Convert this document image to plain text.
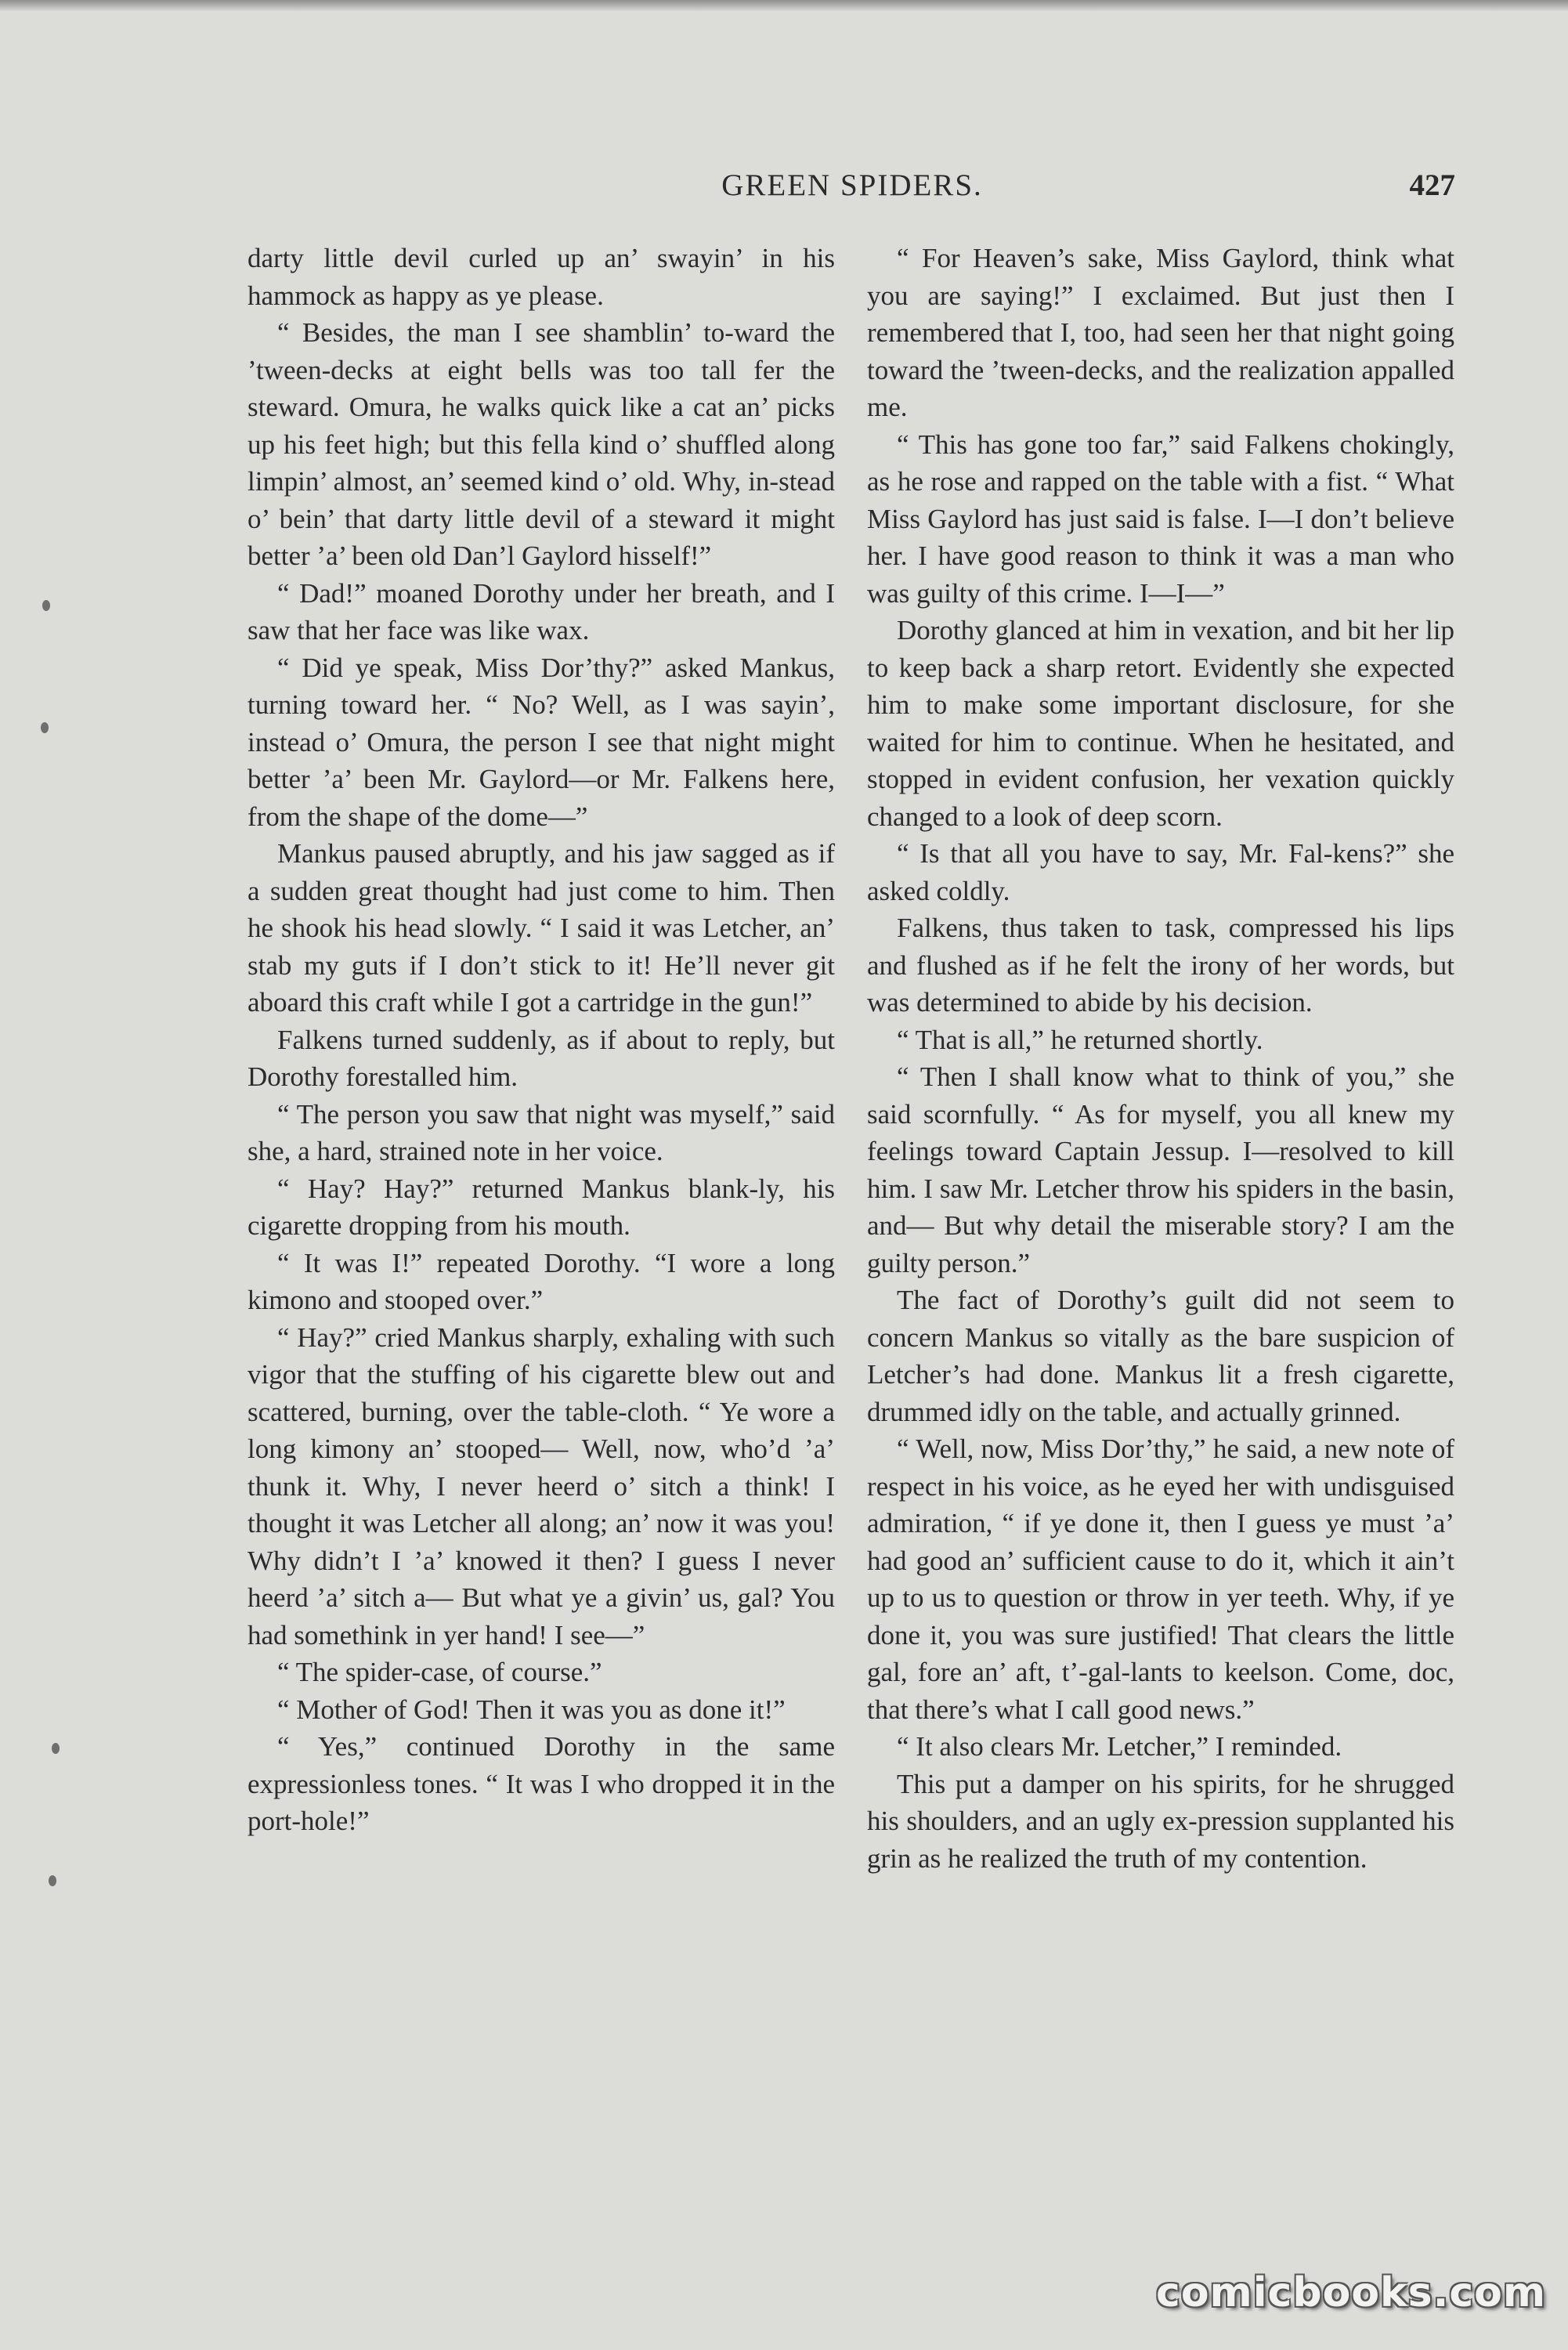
GREEN SPIDERS.	427

darty little devil curled up an’ swayin’ in his hammock as happy as ye please.

“ Besides, the man I see shamblin’ to-ward the ’tween-decks at eight bells was too tall fer the steward. Omura, he walks quick like a cat an’ picks up his feet high; but this fella kind o’ shuffled along limpin’ almost, an’ seemed kind o’ old. Why, in-stead o’ bein’ that darty little devil of a steward it might better ’a’ been old Dan’l Gaylord hisself!”

“ Dad!” moaned Dorothy under her breath, and I saw that her face was like wax.

“ Did ye speak, Miss Dor’thy?” asked Mankus, turning toward her. “ No? Well, as I was sayin’, instead o’ Omura, the person I see that night might better ’a’ been Mr. Gaylord—or Mr. Falkens here, from the shape of the dome—”

Mankus paused abruptly, and his jaw sagged as if a sudden great thought had just come to him. Then he shook his head slowly. “ I said it was Letcher, an’ stab my guts if I don’t stick to it! He’ll never git aboard this craft while I got a cartridge in the gun!”

Falkens turned suddenly, as if about to reply, but Dorothy forestalled him.

“ The person you saw that night was myself,” said she, a hard, strained note in her voice.

“ Hay? Hay?” returned Mankus blank-ly, his cigarette dropping from his mouth.

“ It was I!” repeated Dorothy. “I wore a long kimono and stooped over.”

“ Hay?” cried Mankus sharply, exhaling with such vigor that the stuffing of his cigarette blew out and scattered, burning, over the table-cloth. “ Ye wore a long kimony an’ stooped— Well, now, who’d ’a’ thunk it. Why, I never heerd o’ sitch a think! I thought it was Letcher all along; an’ now it was you! Why didn’t I ’a’ knowed it then? I guess I never heerd ’a’ sitch a— But what ye a givin’ us, gal? You had somethink in yer hand! I see—”

“ The spider-case, of course.”

“ Mother of God! Then it was you as done it!”

“ Yes,” continued Dorothy in the same expressionless tones. “ It was I who dropped it in the port-hole!”

“ For Heaven’s sake, Miss Gaylord, think what you are saying!” I exclaimed. But just then I remembered that I, too, had seen her that night going toward the ’tween-decks, and the realization appalled me.

“ This has gone too far,” said Falkens chokingly, as he rose and rapped on the table with a fist. “ What Miss Gaylord has just said is false. I—I don’t believe her. I have good reason to think it was a man who was guilty of this crime. I—I—”

Dorothy glanced at him in vexation, and bit her lip to keep back a sharp retort. Evidently she expected him to make some important disclosure, for she waited for him to continue. When he hesitated, and stopped in evident confusion, her vexation quickly changed to a look of deep scorn.

“ Is that all you have to say, Mr. Fal-kens?” she asked coldly.

Falkens, thus taken to task, compressed his lips and flushed as if he felt the irony of her words, but was determined to abide by his decision.

“ That is all,” he returned shortly.

“ Then I shall know what to think of you,” she said scornfully. “ As for myself, you all knew my feelings toward Captain Jessup. I—resolved to kill him. I saw Mr. Letcher throw his spiders in the basin, and— But why detail the miserable story? I am the guilty person.”

The fact of Dorothy’s guilt did not seem to concern Mankus so vitally as the bare suspicion of Letcher’s had done. Mankus lit a fresh cigarette, drummed idly on the table, and actually grinned.

“ Well, now, Miss Dor’thy,” he said, a new note of respect in his voice, as he eyed her with undisguised admiration, “ if ye done it, then I guess ye must ’a’ had good an’ sufficient cause to do it, which it ain’t up to us to question or throw in yer teeth. Why, if ye done it, you was sure justified! That clears the little gal, fore an’ aft, t’-gal-lants to keelson. Come, doc, that there’s what I call good news.”

“ It also clears Mr. Letcher,” I reminded.

This put a damper on his spirits, for he shrugged his shoulders, and an ugly ex-pression supplanted his grin as he realized the truth of my contention.

comicbooks.com
